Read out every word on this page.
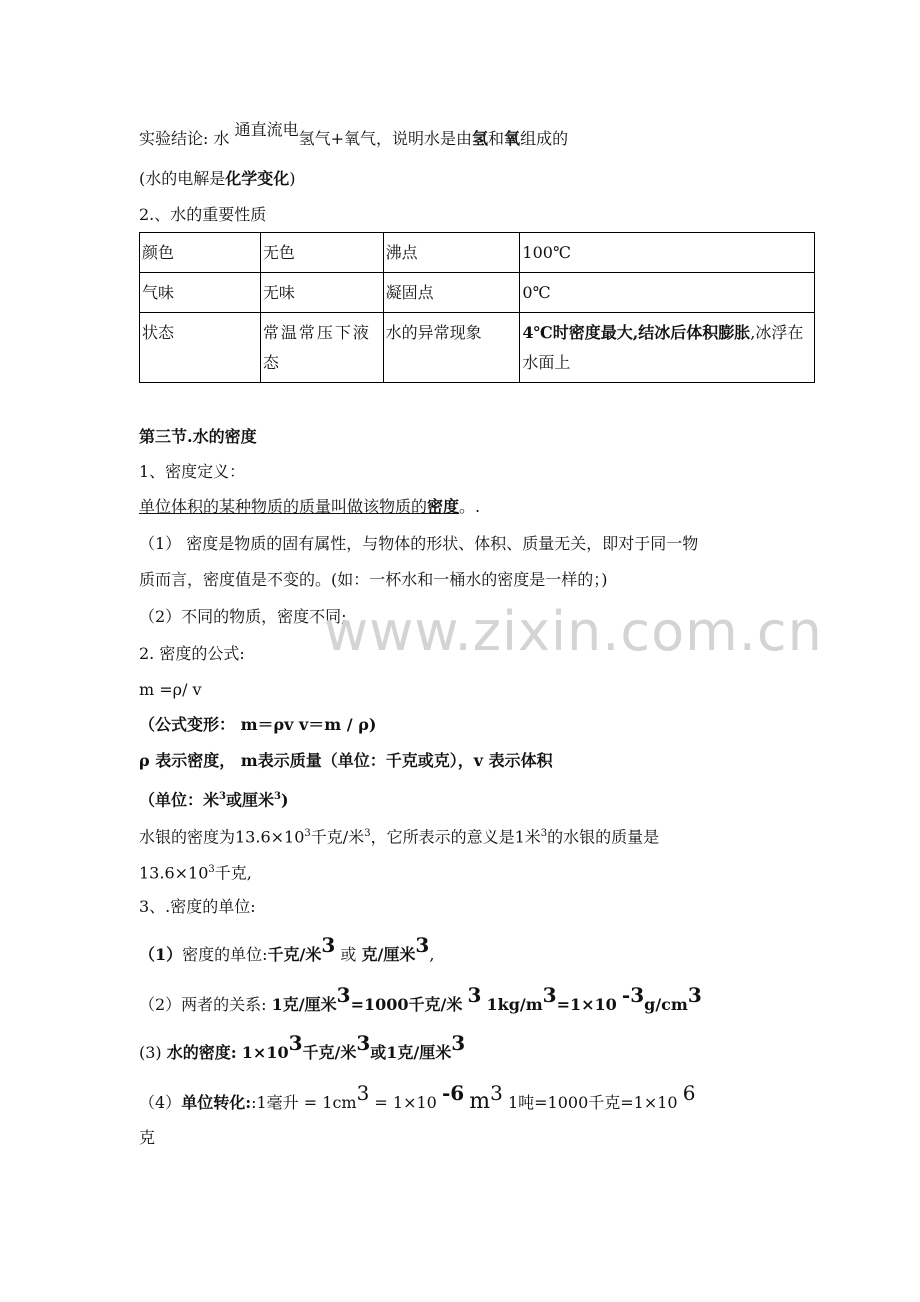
实验结论: 水 通直流电氢气+氧气，说明水是由氢和氧组成的
(水的电解是化学变化)
2.、水的重要性质
颜色	无色	沸点	100℃
气味	无味	凝固点	0℃
状态	常温常压下液态	水的异常现象	4℃时密度最大,结冰后体积膨胀,冰浮在水面上
第三节.水的密度
1、密度定义：
单位体积的某种物质的质量叫做该物质的密度。.
（1） 密度是物质的固有属性，与物体的形状、体积、质量无关，即对于同一物
质而言，密度值是不变的。(如：一杯水和一桶水的密度是一样的；)
（2）不同的物质，密度不同;
2. 密度的公式:
m =ρ/ v
（公式变形： m＝ρv v＝m / ρ)
ρ 表示密度， m表示质量（单位：千克或克），v 表示体积
（单位：米$^3$或厘米$^3$)
水银的密度为$13.6\times 10^3$千克/米$^3$，它所表示的意义是1米$^3$的水银的质量是
$13.6\times 10^3$千克,
3、.密度的单位:
（1）密度的单位:千克/米3 或 克/厘米3,
（2）两者的关系: 1克/厘米3=1000千克/米 3 1kg/m3=1×10 -3g/cm3
(3) 水的密度: 1×103千克/米3或1克/厘米3
（4）单位转化::1毫升 = 1cm3 = 1×10 -6 m3 1吨=1000千克=1×10 6
克
www.zixin.com.cn
